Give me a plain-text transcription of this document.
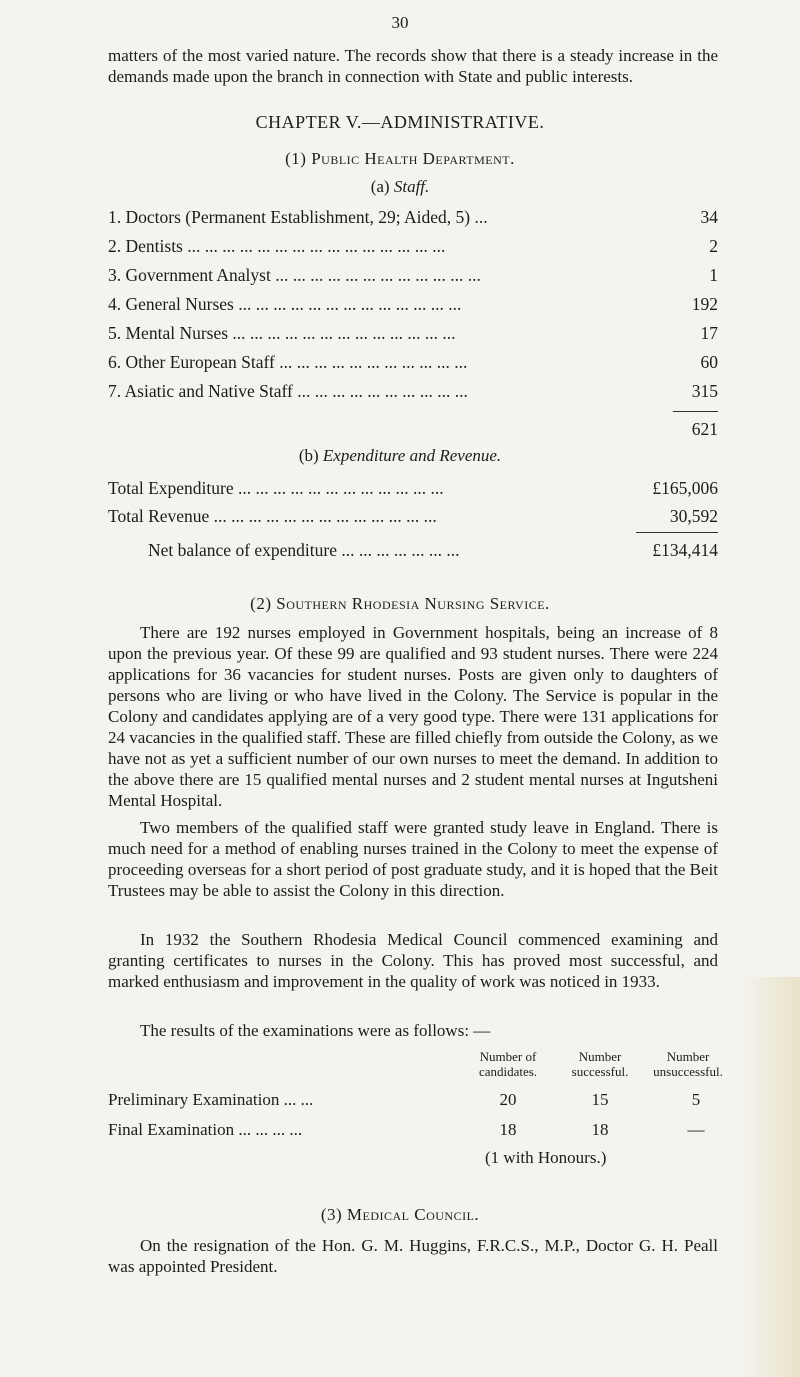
30
matters of the most varied nature. The records show that there is a steady increase in the demands made upon the branch in connection with State and public interests.
CHAPTER V.—ADMINISTRATIVE.
(1) Public Health Department.
(a) Staff.
1. Doctors (Permanent Establishment, 29; Aided, 5) ...	34
2. Dentists ... ... ... ... ... ... ... ... ... ... ... ... ... ... ...	2
3. Government Analyst ... ... ... ... ... ... ... ... ... ... ... ...	1
4. General Nurses ... ... ... ... ... ... ... ... ... ... ... ... ...	192
5. Mental Nurses ... ... ... ... ... ... ... ... ... ... ... ... ...	17
6. Other European Staff ... ... ... ... ... ... ... ... ... ... ...	60
7. Asiatic and Native Staff ... ... ... ... ... ... ... ... ... ...	315
621
(b) Expenditure and Revenue.
Total Expenditure ... ... ... ... ... ... ... ... ... ... ... ...	£165,006
Total Revenue ... ... ... ... ... ... ... ... ... ... ... ... ...	30,592
Net balance of expenditure ... ... ... ... ... ... ...	£134,414
(2) Southern Rhodesia Nursing Service.
There are 192 nurses employed in Government hospitals, being an increase of 8 upon the previous year. Of these 99 are qualified and 93 student nurses. There were 224 applications for 36 vacancies for student nurses. Posts are given only to daughters of persons who are living or who have lived in the Colony. The Service is popular in the Colony and candidates applying are of a very good type. There were 131 applications for 24 vacancies in the qualified staff. These are filled chiefly from outside the Colony, as we have not as yet a sufficient number of our own nurses to meet the demand. In addition to the above there are 15 qualified mental nurses and 2 student mental nurses at Ingutsheni Mental Hospital.
Two members of the qualified staff were granted study leave in England. There is much need for a method of enabling nurses trained in the Colony to meet the expense of proceeding overseas for a short period of post graduate study, and it is hoped that the Beit Trustees may be able to assist the Colony in this direction.
In 1932 the Southern Rhodesia Medical Council commenced examining and granting certificates to nurses in the Colony. This has proved most successful, and marked enthusiasm and improvement in the quality of work was noticed in 1933.
The results of the examinations were as follows: —
Number of candidates.
Number successful.
Number unsuccessful.
Preliminary Examination ... ...	20	15	5
Final Examination ... ... ... ...	18	18	—
(1 with Honours.)
(3) Medical Council.
On the resignation of the Hon. G. M. Huggins, F.R.C.S., M.P., Doctor G. H. Peall was appointed President.
